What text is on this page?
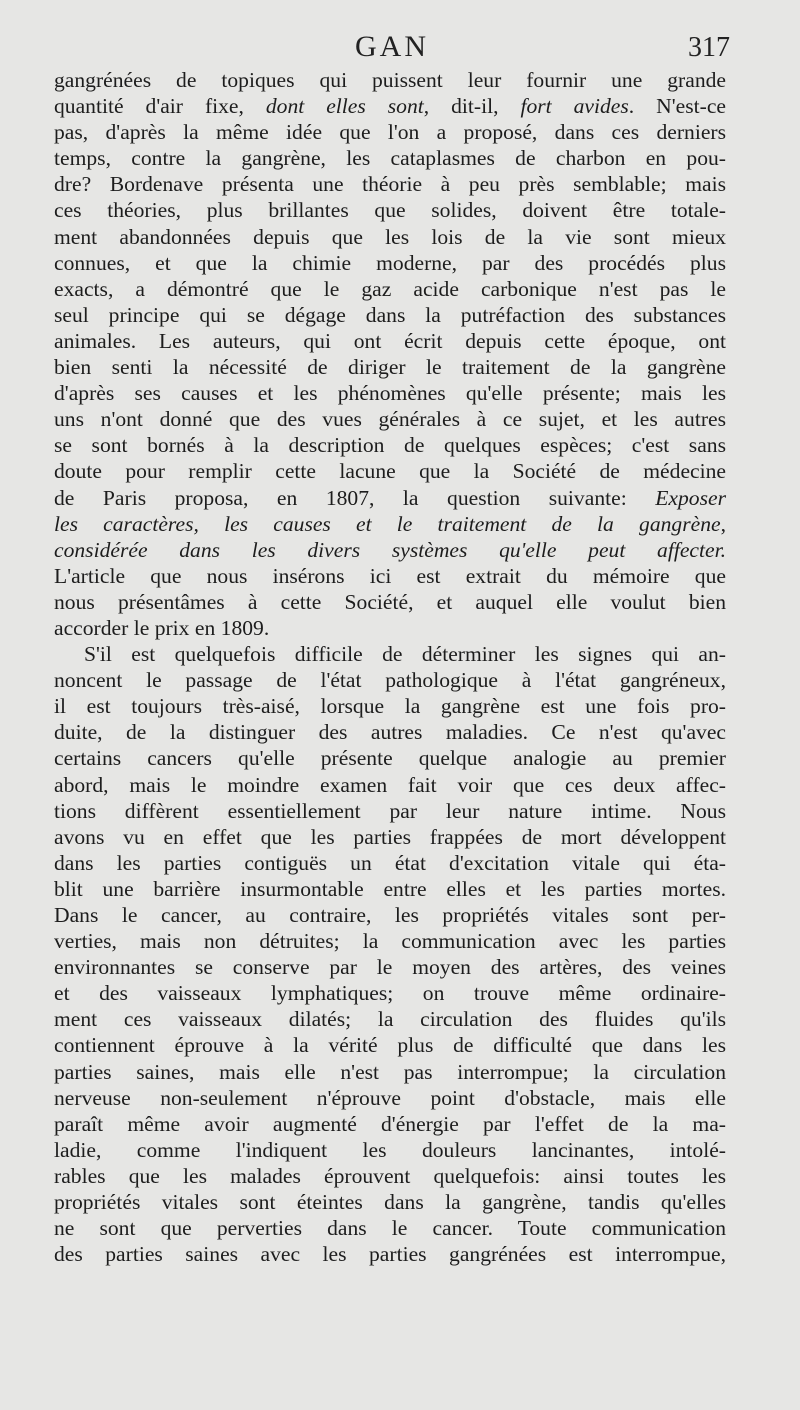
GAN	317
gangrénées de topiques qui puissent leur fournir une grande
quantité d'air fixe, dont elles sont, dit-il, fort avides. N'est-ce
pas, d'après la même idée que l'on a proposé, dans ces derniers
temps, contre la gangrène, les cataplasmes de charbon en pou-
dre? Bordenave présenta une théorie à peu près semblable; mais
ces théories, plus brillantes que solides, doivent être totale-
ment abandonnées depuis que les lois de la vie sont mieux
connues, et que la chimie moderne, par des procédés plus
exacts, a démontré que le gaz acide carbonique n'est pas le
seul principe qui se dégage dans la putréfaction des substances
animales. Les auteurs, qui ont écrit depuis cette époque, ont
bien senti la nécessité de diriger le traitement de la gangrène
d'après ses causes et les phénomènes qu'elle présente; mais les
uns n'ont donné que des vues générales à ce sujet, et les autres
se sont bornés à la description de quelques espèces; c'est sans
doute pour remplir cette lacune que la Société de médecine
de Paris proposa, en 1807, la question suivante: Exposer
les caractères, les causes et le traitement de la gangrène,
considérée dans les divers systèmes qu'elle peut affecter.
L'article que nous insérons ici est extrait du mémoire que
nous présentâmes à cette Société, et auquel elle voulut bien
accorder le prix en 1809.
S'il est quelquefois difficile de déterminer les signes qui an-
noncent le passage de l'état pathologique à l'état gangréneux,
il est toujours très-aisé, lorsque la gangrène est une fois pro-
duite, de la distinguer des autres maladies. Ce n'est qu'avec
certains cancers qu'elle présente quelque analogie au premier
abord, mais le moindre examen fait voir que ces deux affec-
tions diffèrent essentiellement par leur nature intime. Nous
avons vu en effet que les parties frappées de mort développent
dans les parties contiguës un état d'excitation vitale qui éta-
blit une barrière insurmontable entre elles et les parties mortes.
Dans le cancer, au contraire, les propriétés vitales sont per-
verties, mais non détruites; la communication avec les parties
environnantes se conserve par le moyen des artères, des veines
et des vaisseaux lymphatiques; on trouve même ordinaire-
ment ces vaisseaux dilatés; la circulation des fluides qu'ils
contiennent éprouve à la vérité plus de difficulté que dans les
parties saines, mais elle n'est pas interrompue; la circulation
nerveuse non-seulement n'éprouve point d'obstacle, mais elle
paraît même avoir augmenté d'énergie par l'effet de la ma-
ladie, comme l'indiquent les douleurs lancinantes, intolé-
rables que les malades éprouvent quelquefois: ainsi toutes les
propriétés vitales sont éteintes dans la gangrène, tandis qu'elles
ne sont que perverties dans le cancer. Toute communication
des parties saines avec les parties gangrénées est interrompue,
